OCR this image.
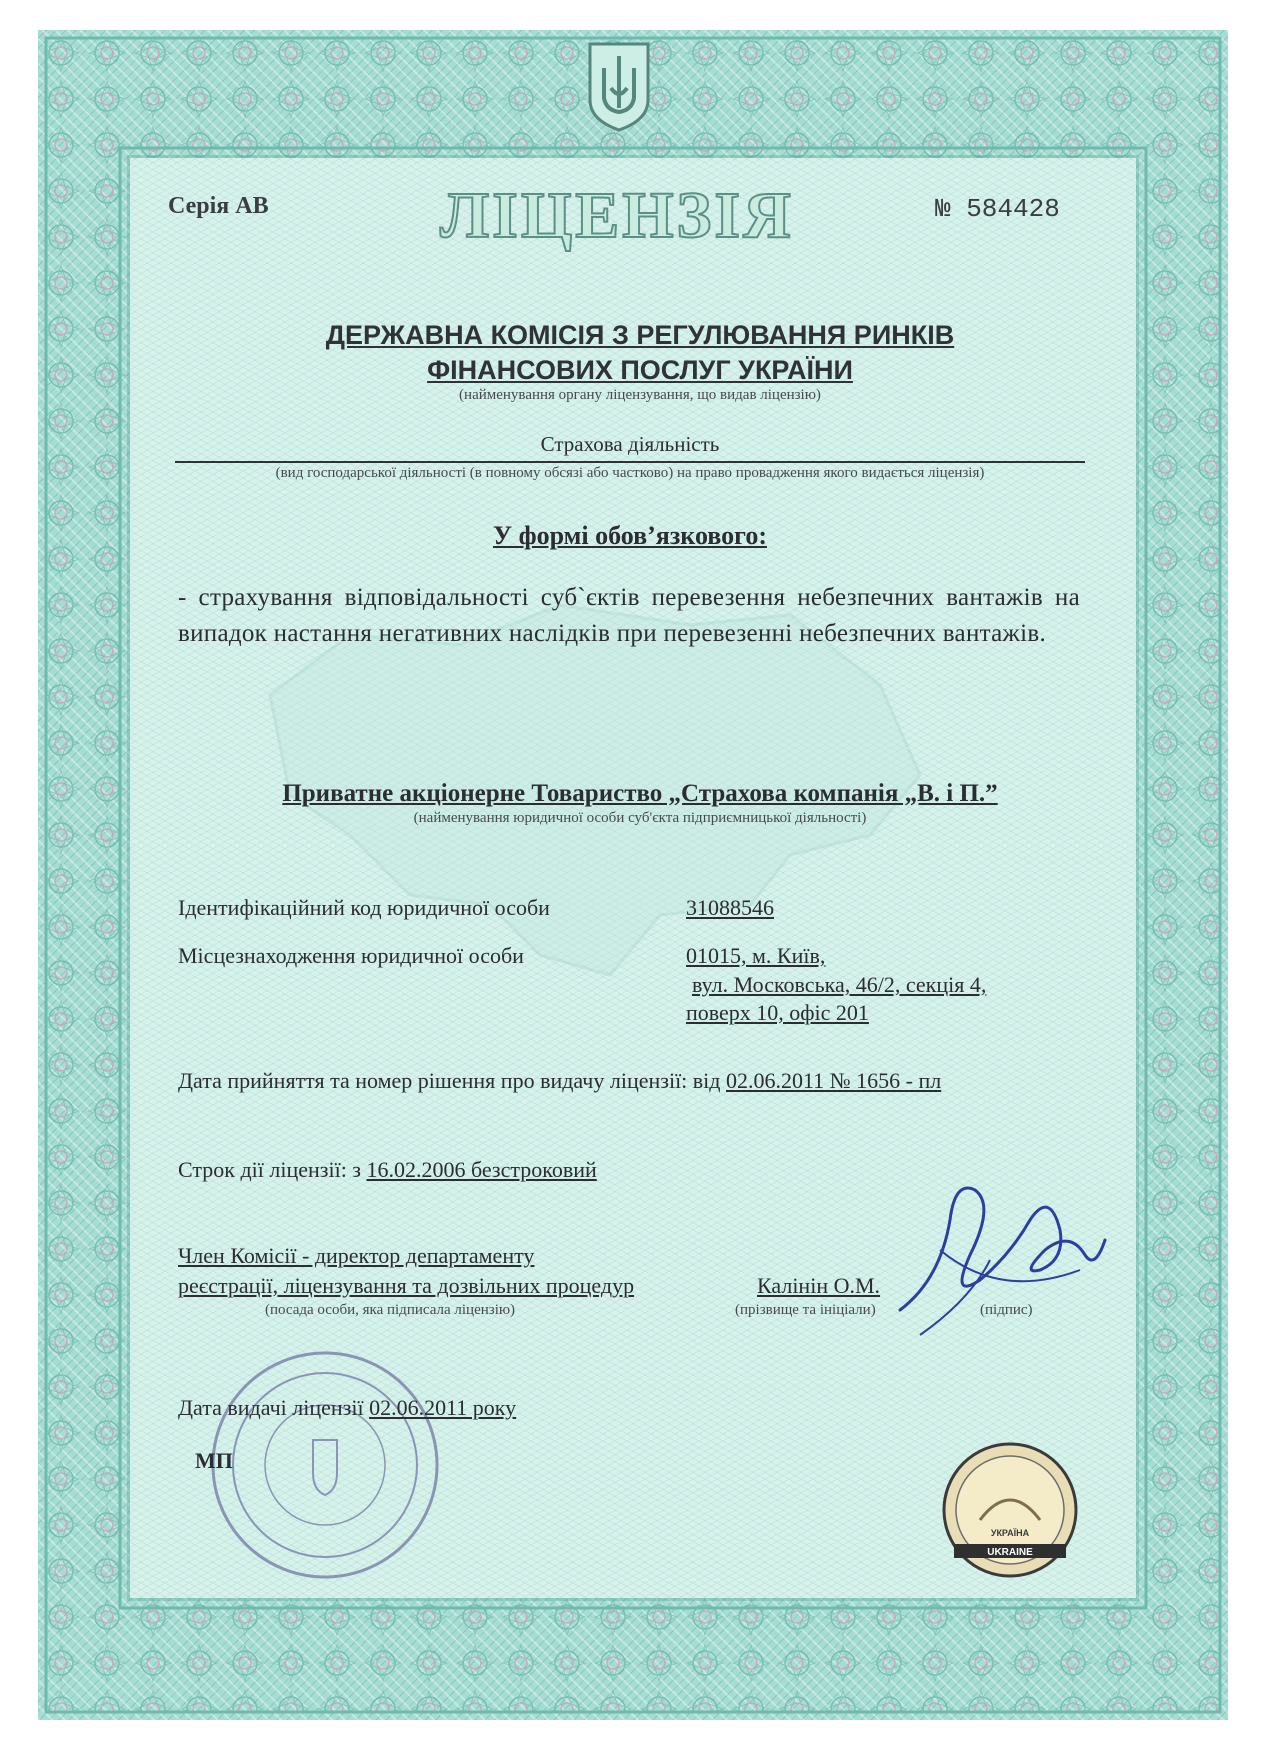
Серія АВ	ЛІЦЕНЗІЯ	№ 584428
ДЕРЖАВНА КОМІСІЯ З РЕГУЛЮВАННЯ РИНКІВ
ФІНАНСОВИХ ПОСЛУГ УКРАЇНИ
(найменування органу ліцензування, що видав ліцензію)
Страхова діяльність
(вид господарської діяльності (в повному обсязі або частково) на право провадження якого видається ліцензія)
У формі обов’язкового:
- страхування відповідальності суб`єктів перевезення небезпечних вантажів на випадок настання негативних наслідків при перевезенні небезпечних вантажів.
Приватне акціонерне Товариство „Страхова компанія „В. і П.”
(найменування юридичної особи суб'єкта підприємницької діяльності)
Ідентифікаційний код юридичної особи	31088546
Місцезнаходження юридичної особи	01015, м. Київ,
вул. Московська, 46/2, секція 4,
поверх 10, офіс 201
Дата прийняття та номер рішення про видачу ліцензії: від 02.06.2011 № 1656 - пл
Строк дії ліцензії: з 16.02.2006 безстроковий
Член Комісії - директор департаменту
реєстрації, ліцензування та дозвільних процедур
(посада особи, яка підписала ліцензію)
Калінін О.М.
(прізвище та ініціали)	(підпис)
Дата видачі ліцензії 02.06.2011 року
МП
UKRAINE
УКРАЇНА
